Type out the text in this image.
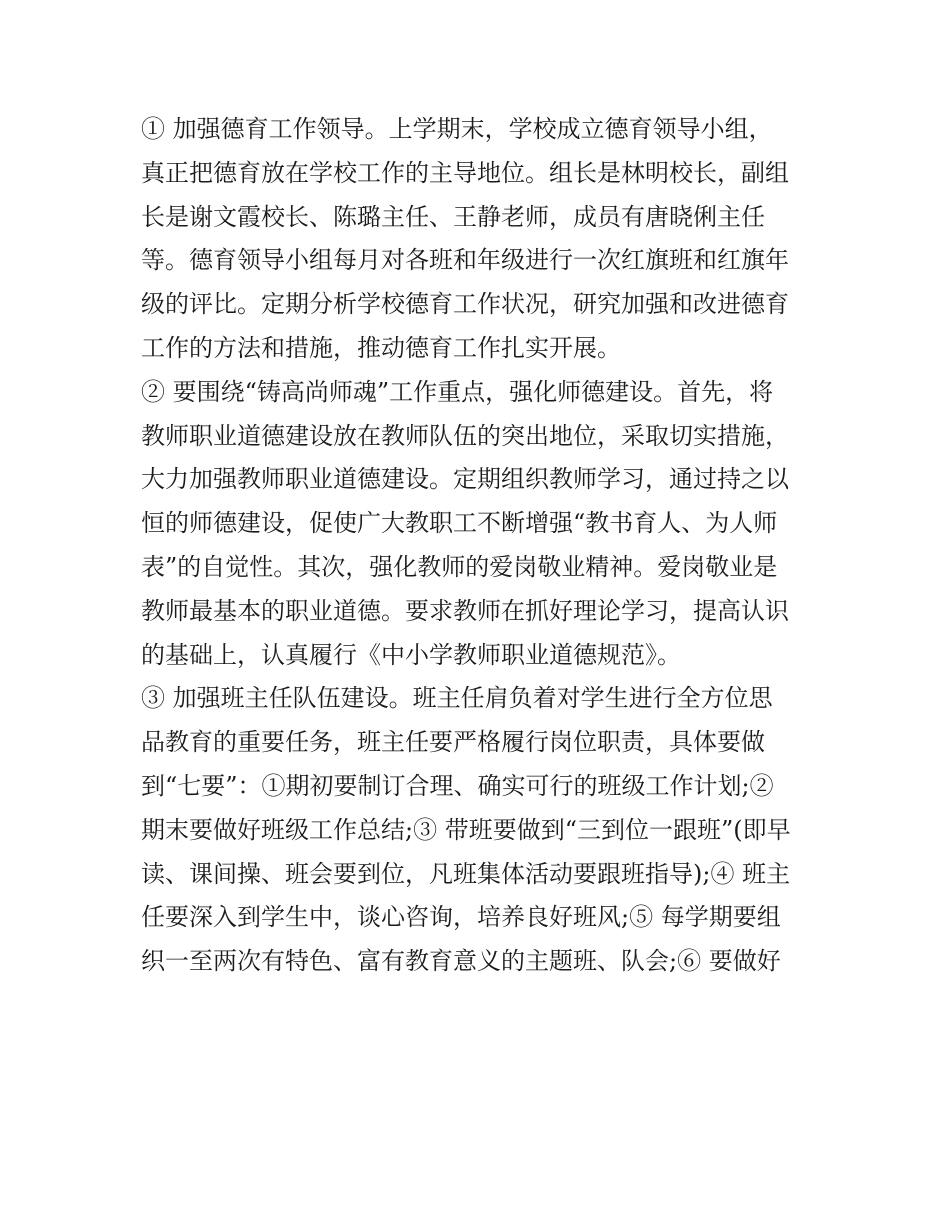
① 加强德育工作领导。上学期末，学校成立德育领导小组，
真正把德育放在学校工作的主导地位。组长是林明校长，副组
长是谢文霞校长、陈璐主任、王静老师，成员有唐晓俐主任
等。德育领导小组每月对各班和年级进行一次红旗班和红旗年
级的评比。定期分析学校德育工作状况，研究加强和改进德育
工作的方法和措施，推动德育工作扎实开展。
② 要围绕“铸高尚师魂”工作重点，强化师德建设。首先，将
教师职业道德建设放在教师队伍的突出地位，采取切实措施，
大力加强教师职业道德建设。定期组织教师学习，通过持之以
恒的师德建设，促使广大教职工不断增强“教书育人、为人师
表”的自觉性。其次，强化教师的爱岗敬业精神。爱岗敬业是
教师最基本的职业道德。要求教师在抓好理论学习，提高认识
的基础上，认真履行《中小学教师职业道德规范》。
③ 加强班主任队伍建设。班主任肩负着对学生进行全方位思
品教育的重要任务，班主任要严格履行岗位职责，具体要做
到“七要”：①期初要制订合理、确实可行的班级工作计划;②
期末要做好班级工作总结;③ 带班要做到“三到位一跟班”(即早
读、课间操、班会要到位，凡班集体活动要跟班指导);④ 班主
任要深入到学生中，谈心咨询，培养良好班风;⑤ 每学期要组
织一至两次有特色、富有教育意义的主题班、队会;⑥ 要做好
